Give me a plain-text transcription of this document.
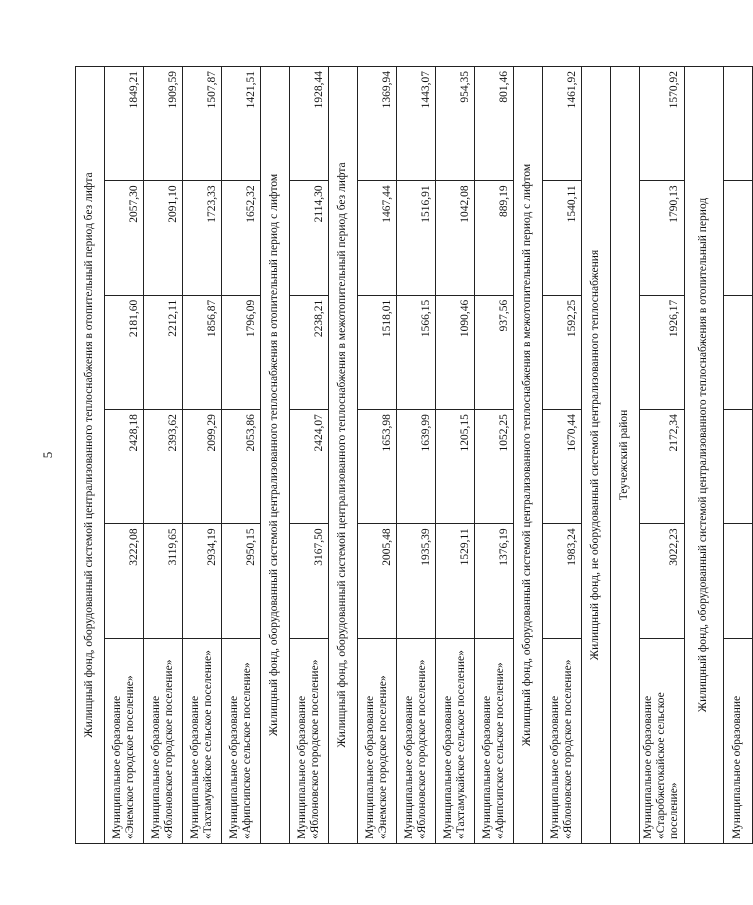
5 Жилищный фонд, оборудованный системой централизованного теплоснабжения в отопительный период без лифта					
Муниципальное образование «Энемское городское поселение»	3222,08	2428,18	2181,60	2057,30	1849,21
Муниципальное образование «Яблоновское городское поселение»	3119,65	2393,62	2212,11	2091,10	1909,59
Муниципальное образование «Тахтамукайское сельское поселение»	2934,19	2099,29	1856,87	1723,33	1507,87
Муниципальное образование «Афипсипское сельское поселение»	2950,15	2053,86	1796,09	1652,32	1421,51
Жилищный фонд, оборудованный системой централизованного теплоснабжения в отопительный период с лифтом					
Муниципальное образование «Яблоновское городское поселение»	3167,50	2424,07	2238,21	2114,30	1928,44
Жилищный фонд, оборудованный системой централизованного теплоснабжения в межотопительный период без лифта					
Муниципальное образование «Энемское городское поселение»	2005,48	1653,98	1518,01	1467,44	1369,94
Муниципальное образование «Яблоновское городское поселение»	1935,39	1639,99	1566,15	1516,91	1443,07
Муниципальное образование «Тахтамукайское сельское поселение»	1529,11	1205,15	1090,46	1042,08	954,35
Муниципальное образование «Афипсипское сельское поселение»	1376,19	1052,25	937,56	889,19	801,46
Жилищный фонд, оборудованный системой централизованного теплоснабжения в межотопительный период с лифтом					
Муниципальное образование «Яблоновское городское поселение»	1983,24	1670,44	1592,25	1540,11	1461,92
Жилищный фонд, не оборудованный системой централизованного теплоснабжения					
Теучежский район					
Муниципальное образование «Старобжегокайское сельское поселение»	3022,23	2172,34	1926,17	1790,13	1570,92
Жилищный фонд, оборудованный системой централизованного теплоснабжения в отопительный период					
Муниципальное образование					
